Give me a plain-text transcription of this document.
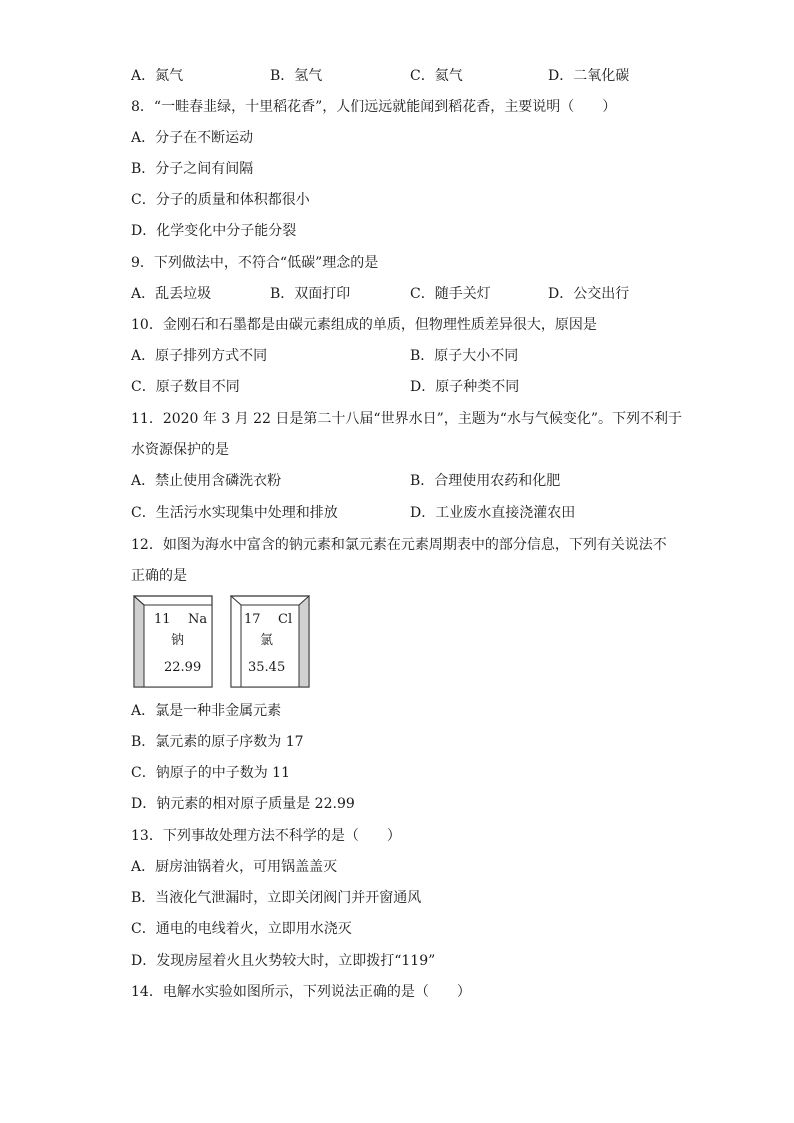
A．氮气	B．氢气	C．氦气	D．二氧化碳
8．“一畦春韭绿，十里稻花香”，人们远远就能闻到稻花香，主要说明（　　）
A．分子在不断运动
B．分子之间有间隔
C．分子的质量和体积都很小
D．化学变化中分子能分裂
9．下列做法中，不符合“低碳”理念的是
A．乱丢垃圾	B．双面打印	C．随手关灯	D．公交出行
10．金刚石和石墨都是由碳元素组成的单质，但物理性质差异很大，原因是
A．原子排列方式不同	B．原子大小不同
C．原子数目不同	D．原子种类不同
11．2020 年 3 月 22 日是第二十八届“世界水日”，主题为“水与气候变化”。下列不利于
水资源保护的是
A．禁止使用含磷洗衣粉	B．合理使用农药和化肥
C．生活污水实现集中处理和排放	D．工业废水直接浇灌农田
12．如图为海水中富含的钠元素和氯元素在元素周期表中的部分信息，下列有关说法不
正确的是
11 Na
钠
22.99
17 Cl
氯
35.45
A．氯是一种非金属元素
B．氯元素的原子序数为 17
C．钠原子的中子数为 11
D．钠元素的相对原子质量是 22.99
13．下列事故处理方法不科学的是（　　）
A．厨房油锅着火，可用锅盖盖灭
B．当液化气泄漏时，立即关闭阀门并开窗通风
C．通电的电线着火，立即用水浇灭
D．发现房屋着火且火势较大时，立即拨打“119”
14．电解水实验如图所示，下列说法正确的是（　　）
